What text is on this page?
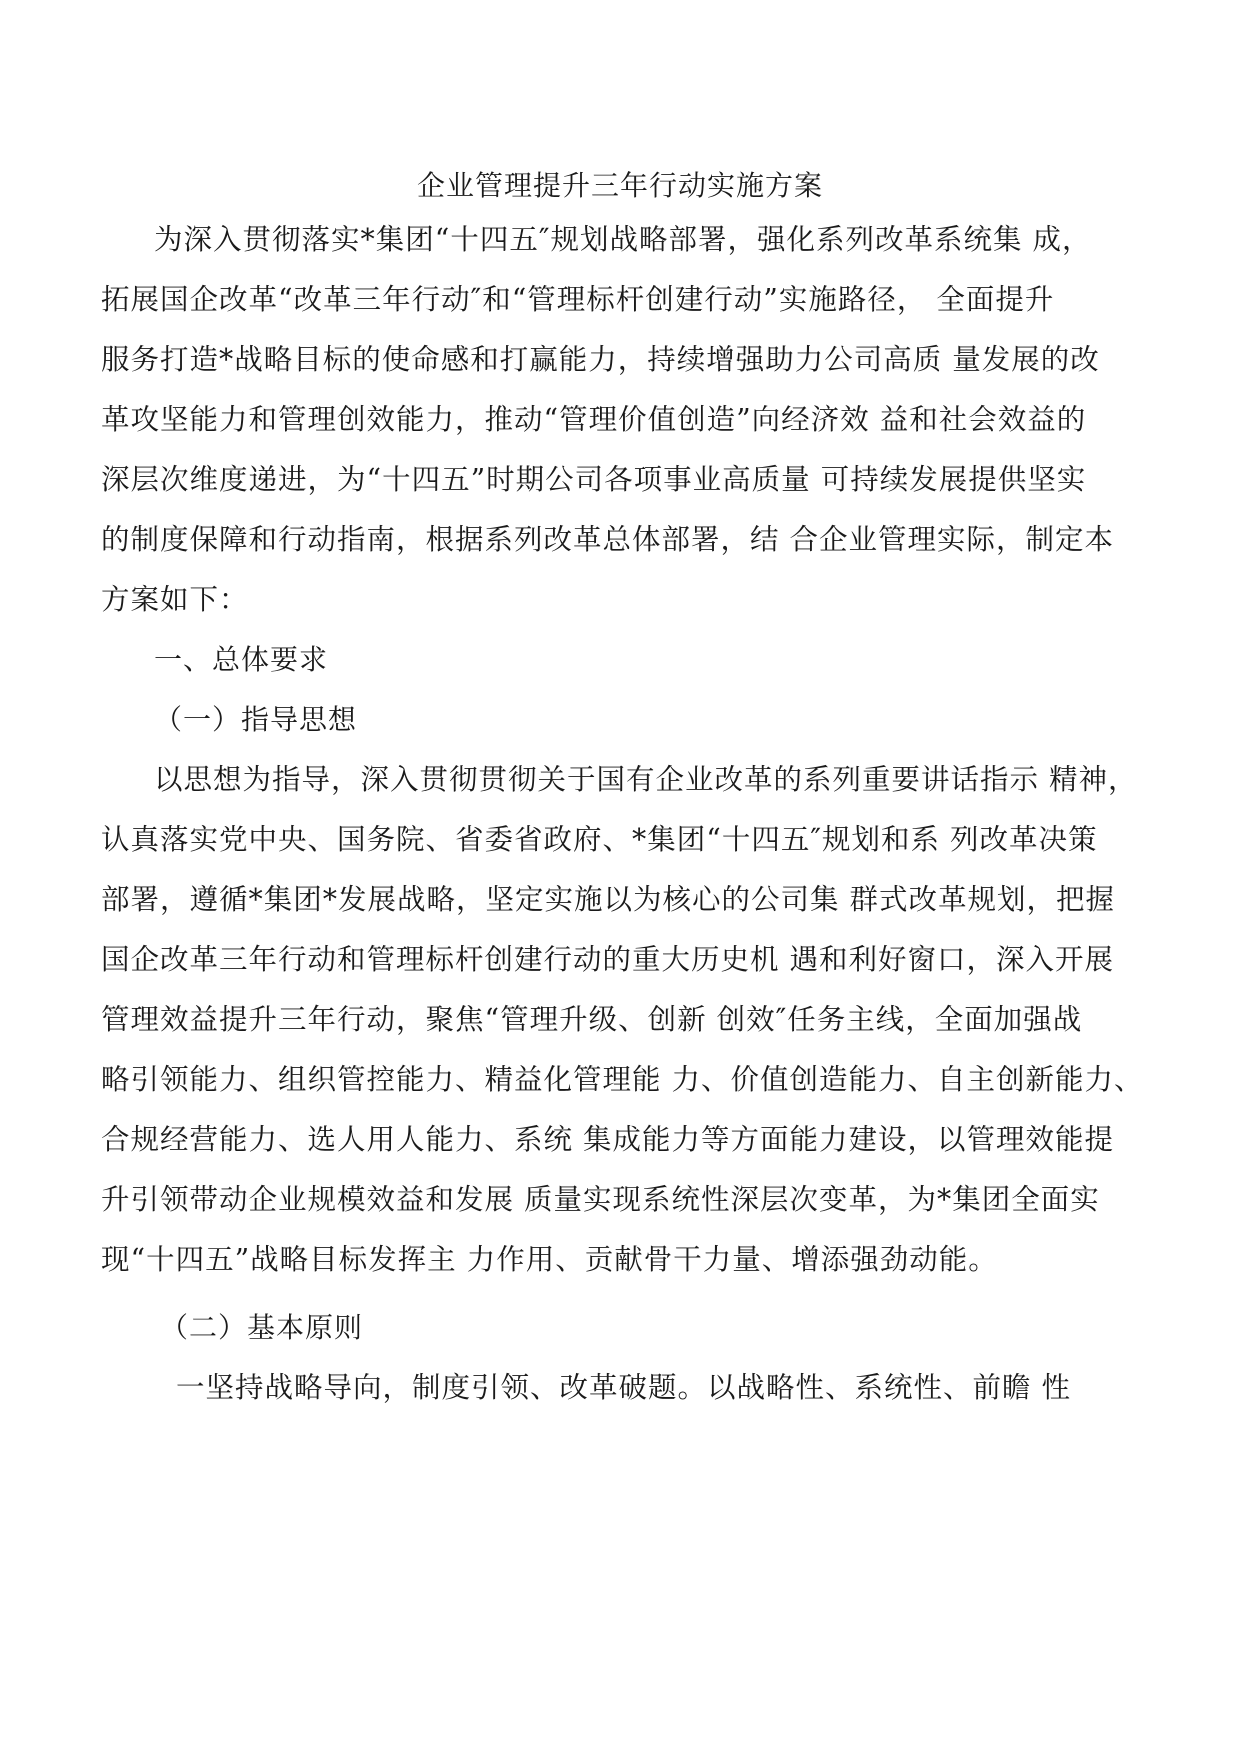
企业管理提升三年行动实施方案
为深入贯彻落实*集团“十四五″规划战略部署，强化系列改革系统集 成，
拓展国企改革“改革三年行动″和“管理标杆创建行动”实施路径， 全面提升
服务打造*战略目标的使命感和打赢能力，持续增强助力公司高质 量发展的改
革攻坚能力和管理创效能力，推动“管理价值创造”向经济效 益和社会效益的
深层次维度递进，为“十四五”时期公司各项事业高质量 可持续发展提供坚实
的制度保障和行动指南，根据系列改革总体部署，结 合企业管理实际，制定本
方案如下：
一、总体要求
（一）指导思想
以思想为指导，深入贯彻贯彻关于国有企业改革的系列重要讲话指示 精神，
认真落实党中央、国务院、省委省政府、*集团“十四五″规划和系 列改革决策
部署，遵循*集团*发展战略，坚定实施以为核心的公司集 群式改革规划，把握
国企改革三年行动和管理标杆创建行动的重大历史机 遇和利好窗口，深入开展
管理效益提升三年行动，聚焦“管理升级、创新 创效″任务主线，全面加强战
略引领能力、组织管控能力、精益化管理能 力、价值创造能力、自主创新能力、
合规经营能力、选人用人能力、系统 集成能力等方面能力建设，以管理效能提
升引领带动企业规模效益和发展 质量实现系统性深层次变革，为*集团全面实
现“十四五”战略目标发挥主 力作用、贡献骨干力量、增添强劲动能。
（二）基本原则
一坚持战略导向，制度引领、改革破题。以战略性、系统性、前瞻 性
